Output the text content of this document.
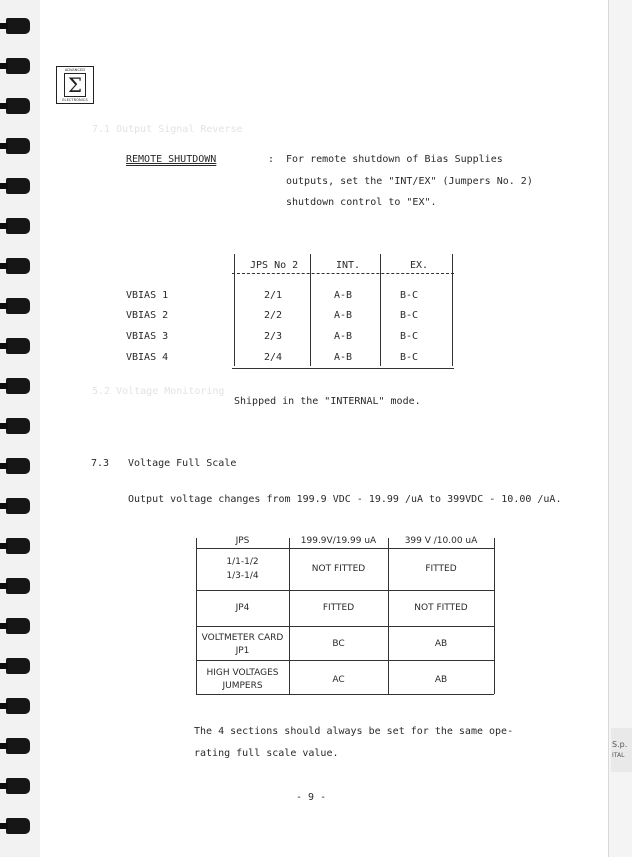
S.p.
ITAL
ADVANCED
Σ
ELECTRONICS
7.1 Output Signal Reverse
5.2 Voltage Monitoring
REMOTE SHUTDOWN	: For remote shutdown of Bias Supplies
outputs, set the "INT/EX" (Jumpers No. 2)
shutdown control to "EX".
JPS No 2	INT.	EX.
VBIAS 1	2/1	A-B	B-C
VBIAS 2	2/2	A-B	B-C
VBIAS 3	2/3	A-B	B-C
VBIAS 4	2/4	A-B	B-C
Shipped in the "INTERNAL" mode.
7.3 Voltage Full Scale
Output voltage changes from 199.9 VDC - 19.99 /uA to 399VDC - 10.00 /uA.
JPS	199.9V/19.99 uA	399 V /10.00 uA
1/1-1/2
1/3-1/4
NOT FITTED	FITTED
JP4	FITTED	NOT FITTED
VOLTMETER CARD
JP1
BC	AB
HIGH VOLTAGES
JUMPERS
AC	AB
The 4 sections should always be set for the same ope-
rating full scale value.
- 9 -
